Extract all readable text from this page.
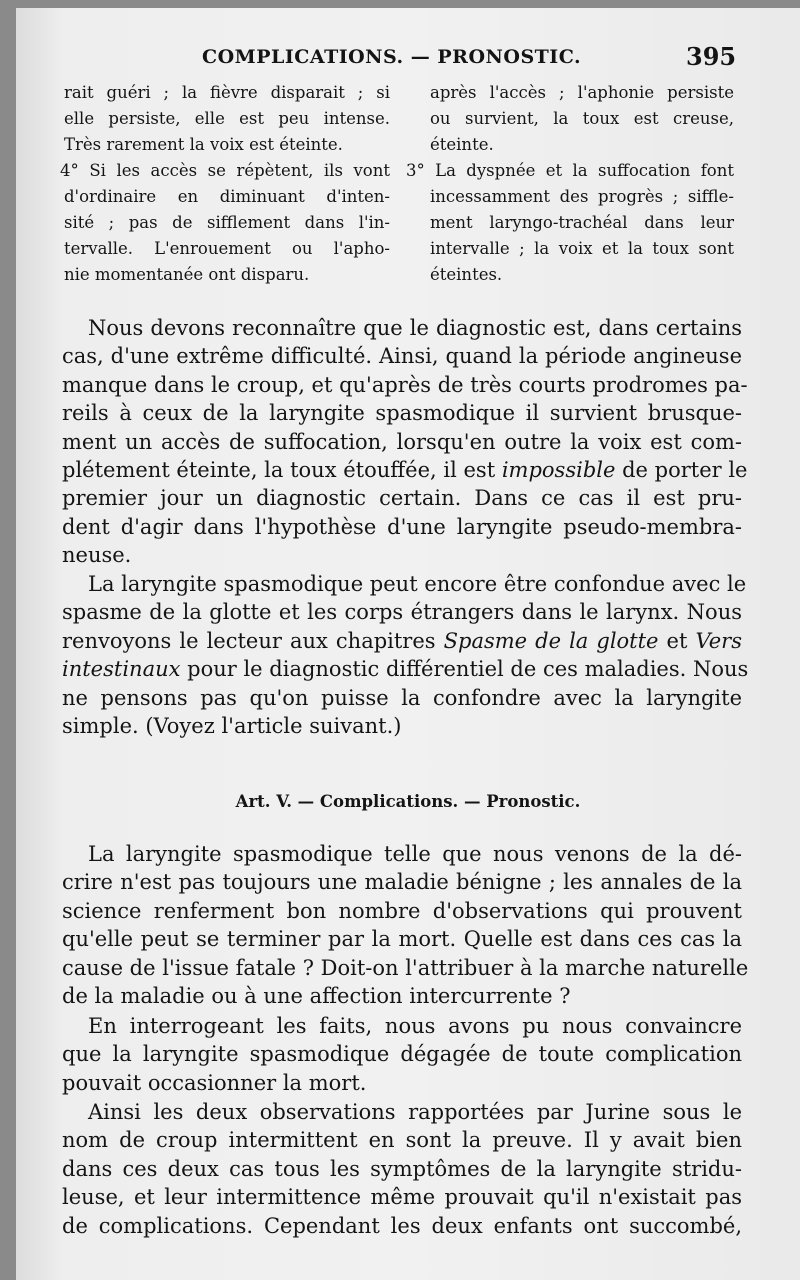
COMPLICATIONS. — PRONOSTIC.	395
rait guéri ; la fièvre disparait ; si
elle persiste, elle est peu intense.
Très rarement la voix est éteinte.
4° Si les accès se répètent, ils vont
d'ordinaire en diminuant d'inten-
sité ; pas de sifflement dans l'in-
tervalle. L'enrouement ou l'apho-
nie momentanée ont disparu.
après l'accès ; l'aphonie persiste
ou survient, la toux est creuse,
éteinte.
3° La dyspnée et la suffocation font
incessamment des progrès ; siffle-
ment laryngo-trachéal dans leur
intervalle ; la voix et la toux sont
éteintes.
Nous devons reconnaître que le diagnostic est, dans certains
cas, d'une extrême difficulté. Ainsi, quand la période angineuse
manque dans le croup, et qu'après de très courts prodromes pa-
reils à ceux de la laryngite spasmodique il survient brusque-
ment un accès de suffocation, lorsqu'en outre la voix est com-
plétement éteinte, la toux étouffée, il est impossible de porter le
premier jour un diagnostic certain. Dans ce cas il est pru-
dent d'agir dans l'hypothèse d'une laryngite pseudo-membra-
neuse.
La laryngite spasmodique peut encore être confondue avec le
spasme de la glotte et les corps étrangers dans le larynx. Nous
renvoyons le lecteur aux chapitres Spasme de la glotte et Vers
intestinaux pour le diagnostic différentiel de ces maladies. Nous
ne pensons pas qu'on puisse la confondre avec la laryngite
simple. (Voyez l'article suivant.)
Art. V. — Complications. — Pronostic.
La laryngite spasmodique telle que nous venons de la dé-
crire n'est pas toujours une maladie bénigne ; les annales de la
science renferment bon nombre d'observations qui prouvent
qu'elle peut se terminer par la mort. Quelle est dans ces cas la
cause de l'issue fatale ? Doit-on l'attribuer à la marche naturelle
de la maladie ou à une affection intercurrente ?
En interrogeant les faits, nous avons pu nous convaincre
que la laryngite spasmodique dégagée de toute complication
pouvait occasionner la mort.
Ainsi les deux observations rapportées par Jurine sous le
nom de croup intermittent en sont la preuve. Il y avait bien
dans ces deux cas tous les symptômes de la laryngite stridu-
leuse, et leur intermittence même prouvait qu'il n'existait pas
de complications. Cependant les deux enfants ont succombé,
